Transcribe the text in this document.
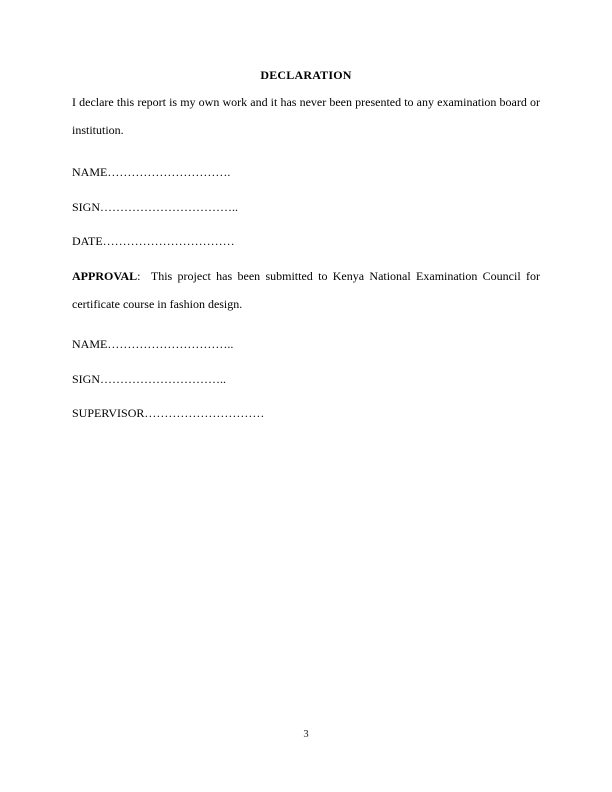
DECLARATION
I declare this report is my own work and it has never been presented to any examination board or
institution.
NAME………………………….
SIGN……………………………..
DATE……………………………
APPROVAL:  This project has been submitted to Kenya National Examination Council for
certificate course in fashion design.
NAME…………………………..
SIGN…………………………..
SUPERVISOR…………………………
3
